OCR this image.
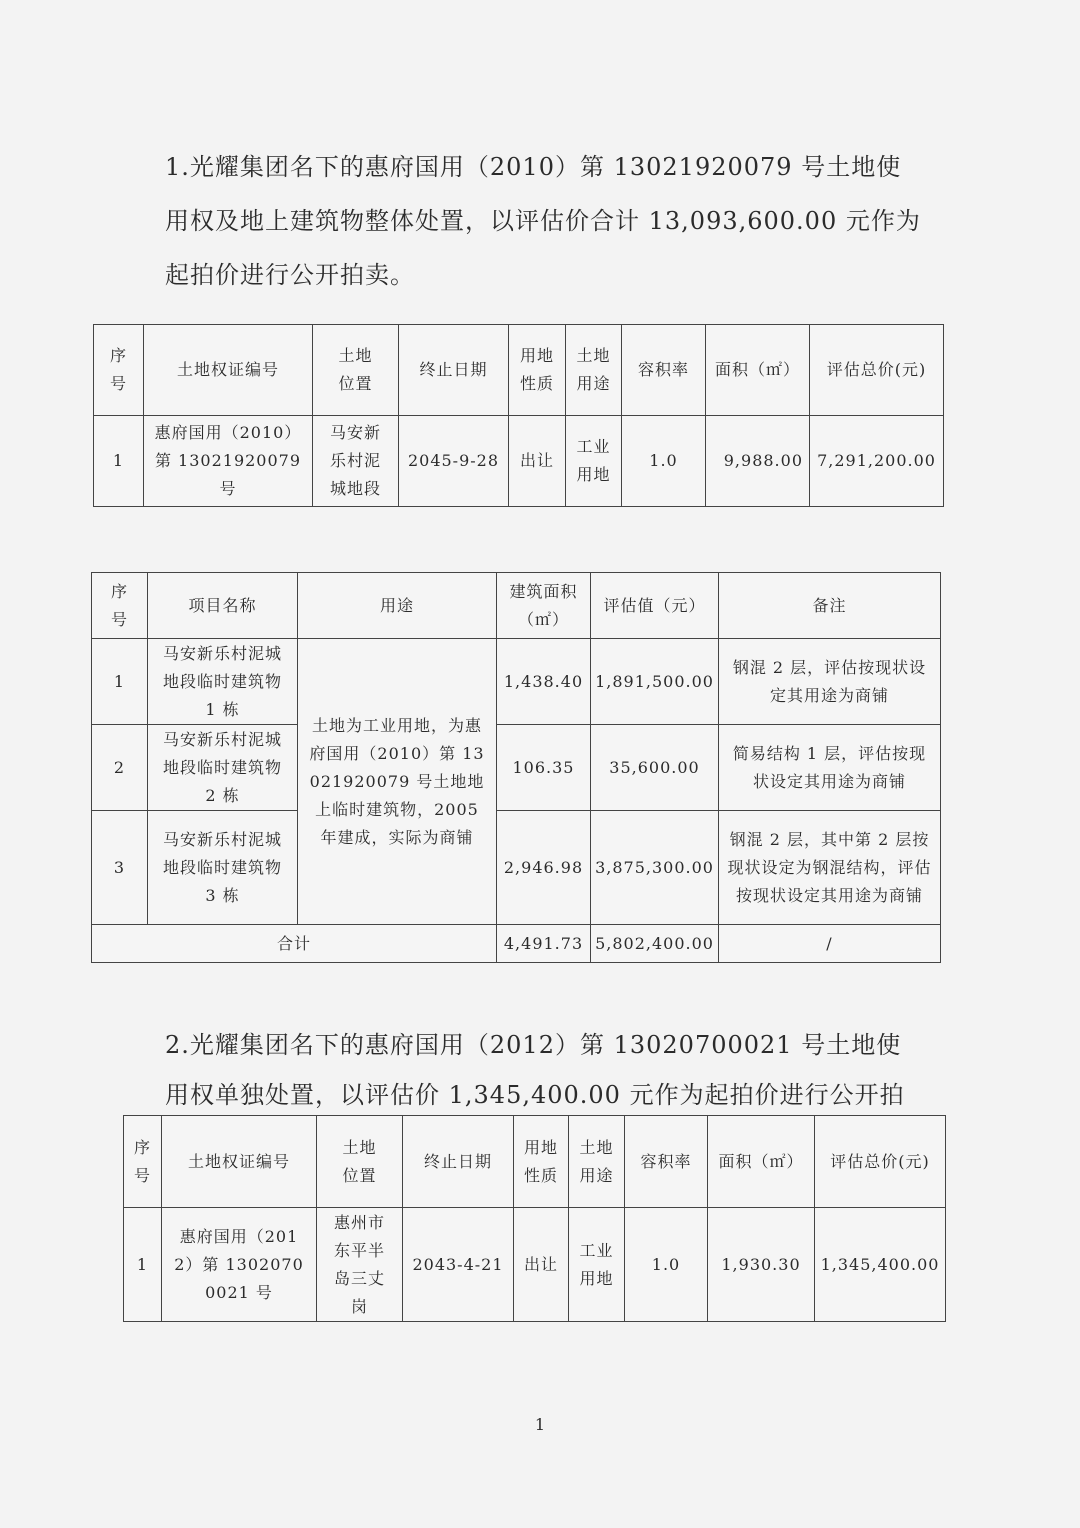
1.光耀集团名下的惠府国用（2010）第 13021920079 号土地使用权及地上建筑物整体处置，以评估价合计 13,093,600.00 元作为起拍价进行公开拍卖。

序号	土地权证编号	土地位置	终止日期	用地性质	土地用途	容积率	面积（㎡）	评估总价(元)
1	惠府国用（2010）第 13021920079 号	马安新乐村泥城地段	2045-9-28	出让	工业用地	1.0	9,988.00	7,291,200.00
序号	项目名称	用途	建筑面积（㎡）	评估值（元）	备注
1	马安新乐村泥城地段临时建筑物 1 栋	土地为工业用地，为惠府国用（2010）第 13021920079 号土地地上临时建筑物，2005 年建成，实际为商铺	1,438.40	1,891,500.00	钢混 2 层，评估按现状设定其用途为商铺
2	马安新乐村泥城地段临时建筑物 2 栋		106.35	35,600.00	简易结构 1 层，评估按现状设定其用途为商铺
3	马安新乐村泥城地段临时建筑物 3 栋		2,946.98	3,875,300.00	钢混 2 层，其中第 2 层按现状设定为钢混结构，评估按现状设定其用途为商铺
合计			4,491.73	5,802,400.00	/

2.光耀集团名下的惠府国用（2012）第 13020700021 号土地使用权单独处置，以评估价 1,345,400.00 元作为起拍价进行公开拍

序号	土地权证编号	土地位置	终止日期	用地性质	土地用途	容积率	面积（㎡）	评估总价(元)
1	惠府国用（2012）第 13020700021 号	惠州市东平半岛三丈岗	2043-4-21	出让	工业用地	1.0	1,930.30	1,345,400.00
1
